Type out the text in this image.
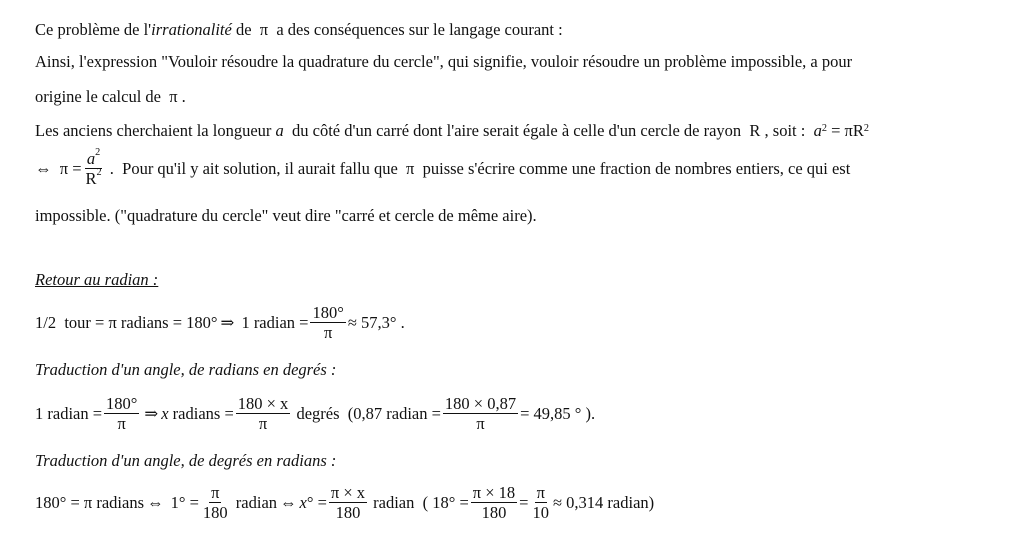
Ce problème de l' irrationalité de  π  a des conséquences sur le langage courant :
Ainsi, l'expression "Vouloir résoudre la quadrature du cercle", qui signifie, vouloir résoudre un problème impossible, a pour
origine le calcul de  π .
Les anciens cherchaient la longueur a du côté d'un carré dont l'aire serait égale à celle d'un cercle de rayon  R , soit : $a^2 = \pi R^2$
⇔  $\pi = \frac{a^2}{R^2}$ .  Pour qu'il y ait solution, il aurait fallu que  π  puisse s'écrire comme une fraction de nombres entiers, ce qui est
impossible. ("quadrature du cercle" veut dire "carré et cercle de même aire).
Retour au radian :
1/2  tour = π radians = 180° ⇒ 1 radian = $\frac{180^\circ}{\pi} \approx 57,3^\circ$ .
Traduction d'un angle, de radians en degrés :
1 radian = $\frac{180^\circ}{\pi}$ ⇒ x radians = $\frac{180 \times x}{\pi}$ degrés  (0,87 radian = $\frac{180 \times 0,87}{\pi} = 49,85$ ° ).
Traduction d'un angle, de degrés en radians :
180° = π radians ⇔ $1^\circ = \frac{\pi}{180}$ radian ⇔ x ° = $\frac{\pi \times x}{180}$ radian  ( $18^\circ = \frac{\pi \times 18}{180} = \frac{\pi}{10} \approx 0,314$ radian)
